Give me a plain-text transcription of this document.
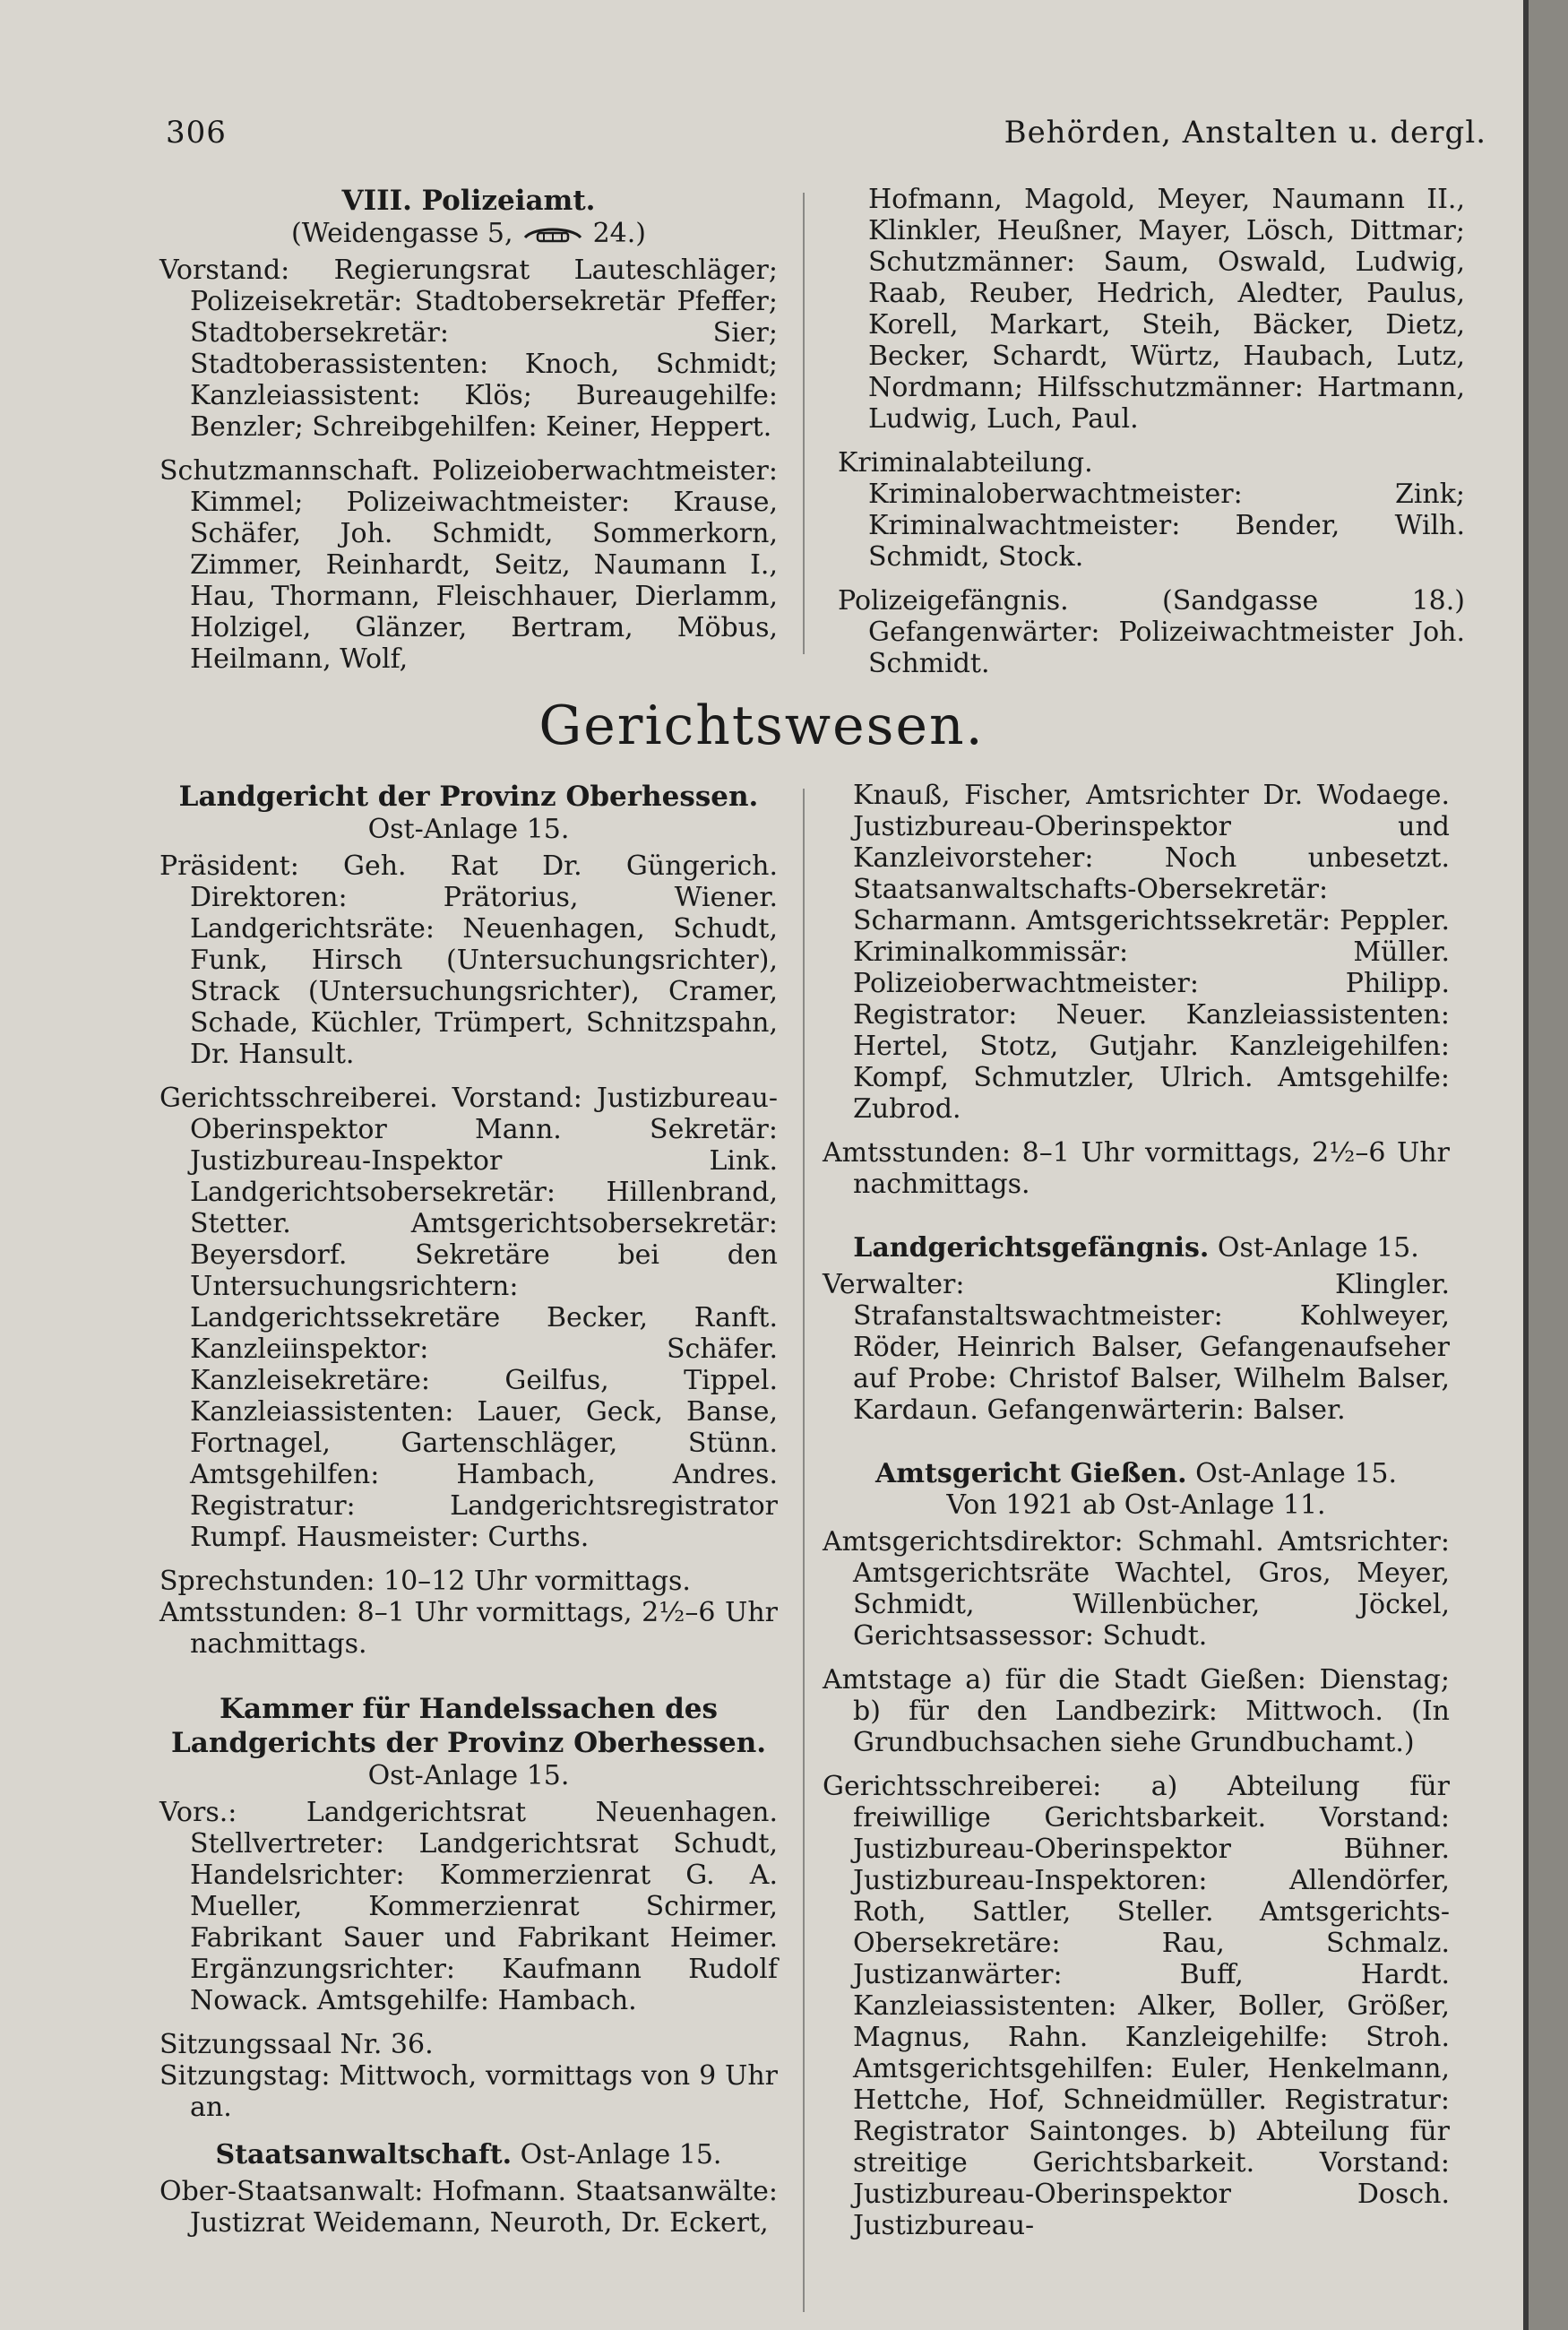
306	Behörden, Anstalten u. dergl.

VIII. Polizeiamt.

(Weidengasse 5,	24.)

Vorstand: Regierungsrat Lauteschläger; Polizeisekretär: Stadtobersekretär Pfeffer; Stadtobersekretär: Sier; Stadtoberassistenten: Knoch, Schmidt; Kanzleiassistent: Klös; Bureaugehilfe: Benzler; Schreibgehilfen: Keiner, Heppert.

Schutzmannschaft. Polizeioberwachtmeister: Kimmel; Polizeiwachtmeister: Krause, Schäfer, Joh. Schmidt, Sommerkorn, Zimmer, Reinhardt, Seitz, Naumann I., Hau, Thormann, Fleischhauer, Dierlamm, Holzigel, Glänzer, Bertram, Möbus, Heilmann, Wolf,

Hofmann, Magold, Meyer, Naumann II., Klinkler, Heußner, Mayer, Lösch, Dittmar; Schutzmänner: Saum, Oswald, Ludwig, Raab, Reuber, Hedrich, Aledter, Paulus, Korell, Markart, Steih, Bäcker, Dietz, Becker, Schardt, Würtz, Haubach, Lutz, Nordmann; Hilfsschutzmänner: Hartmann, Ludwig, Luch, Paul.

Kriminalabteilung. Kriminaloberwachtmeister: Zink; Kriminalwachtmeister: Bender, Wilh. Schmidt, Stock.

Polizeigefängnis. (Sandgasse 18.) Gefangenwärter: Polizeiwachtmeister Joh. Schmidt.

Gerichtswesen.

Landgericht der Provinz Oberhessen.

Ost-Anlage 15.

Präsident: Geh. Rat Dr. Güngerich. Direktoren: Prätorius, Wiener. Landgerichtsräte: Neuenhagen, Schudt, Funk, Hirsch (Untersuchungsrichter), Strack (Untersuchungsrichter), Cramer, Schade, Küchler, Trümpert, Schnitzspahn, Dr. Hansult.

Gerichtsschreiberei. Vorstand: Justizbureau-Oberinspektor Mann. Sekretär: Justizbureau-Inspektor Link. Landgerichtsobersekretär: Hillenbrand, Stetter. Amtsgerichtsobersekretär: Beyersdorf. Sekretäre bei den Untersuchungsrichtern: Landgerichtssekretäre Becker, Ranft. Kanzleiinspektor: Schäfer. Kanzleisekretäre: Geilfus, Tippel. Kanzleiassistenten: Lauer, Geck, Banse, Fortnagel, Gartenschläger, Stünn. Amtsgehilfen: Hambach, Andres. Registratur: Landgerichtsregistrator Rumpf. Hausmeister: Curths.

Sprechstunden: 10–12 Uhr vormittags.

Amtsstunden: 8–1 Uhr vormittags, 2½–6 Uhr nachmittags.

Kammer für Handelssachen des Landgerichts der Provinz Oberhessen.

Ost-Anlage 15.

Vors.: Landgerichtsrat Neuenhagen. Stellvertreter: Landgerichtsrat Schudt, Handelsrichter: Kommerzienrat G. A. Mueller, Kommerzienrat Schirmer, Fabrikant Sauer und Fabrikant Heimer. Ergänzungsrichter: Kaufmann Rudolf Nowack. Amtsgehilfe: Hambach.

Sitzungssaal Nr. 36.

Sitzungstag: Mittwoch, vormittags von 9 Uhr an.

Staatsanwaltschaft. Ost-Anlage 15.

Ober-Staatsanwalt: Hofmann. Staatsanwälte: Justizrat Weidemann, Neuroth, Dr. Eckert,

Knauß, Fischer, Amtsrichter Dr. Wodaege. Justizbureau-Oberinspektor und Kanzleivorsteher: Noch unbesetzt. Staatsanwaltschafts-Obersekretär: Scharmann. Amtsgerichtssekretär: Peppler. Kriminalkommissär: Müller. Polizeioberwachtmeister: Philipp. Registrator: Neuer. Kanzleiassistenten: Hertel, Stotz, Gutjahr. Kanzleigehilfen: Kompf, Schmutzler, Ulrich. Amtsgehilfe: Zubrod.

Amtsstunden: 8–1 Uhr vormittags, 2½–6 Uhr nachmittags.

Landgerichtsgefängnis. Ost-Anlage 15.

Verwalter: Klingler. Strafanstaltswachtmeister: Kohlweyer, Röder, Heinrich Balser, Gefangenaufseher auf Probe: Christof Balser, Wilhelm Balser, Kardaun. Gefangenwärterin: Balser.

Amtsgericht Gießen. Ost-Anlage 15.

Von 1921 ab Ost-Anlage 11.

Amtsgerichtsdirektor: Schmahl. Amtsrichter: Amtsgerichtsräte Wachtel, Gros, Meyer, Schmidt, Willenbücher, Jöckel, Gerichtsassessor: Schudt.

Amtstage a) für die Stadt Gießen: Dienstag; b) für den Landbezirk: Mittwoch. (In Grundbuchsachen siehe Grundbuchamt.)

Gerichtsschreiberei: a) Abteilung für freiwillige Gerichtsbarkeit. Vorstand: Justizbureau-Oberinspektor Bühner. Justizbureau-Inspektoren: Allendörfer, Roth, Sattler, Steller. Amtsgerichts-Obersekretäre: Rau, Schmalz. Justizanwärter: Buff, Hardt. Kanzleiassistenten: Alker, Boller, Größer, Magnus, Rahn. Kanzleigehilfe: Stroh. Amtsgerichtsgehilfen: Euler, Henkelmann, Hettche, Hof, Schneidmüller. Registratur: Registrator Saintonges. b) Abteilung für streitige Gerichtsbarkeit. Vorstand: Justizbureau-Oberinspektor Dosch. Justizbureau-
